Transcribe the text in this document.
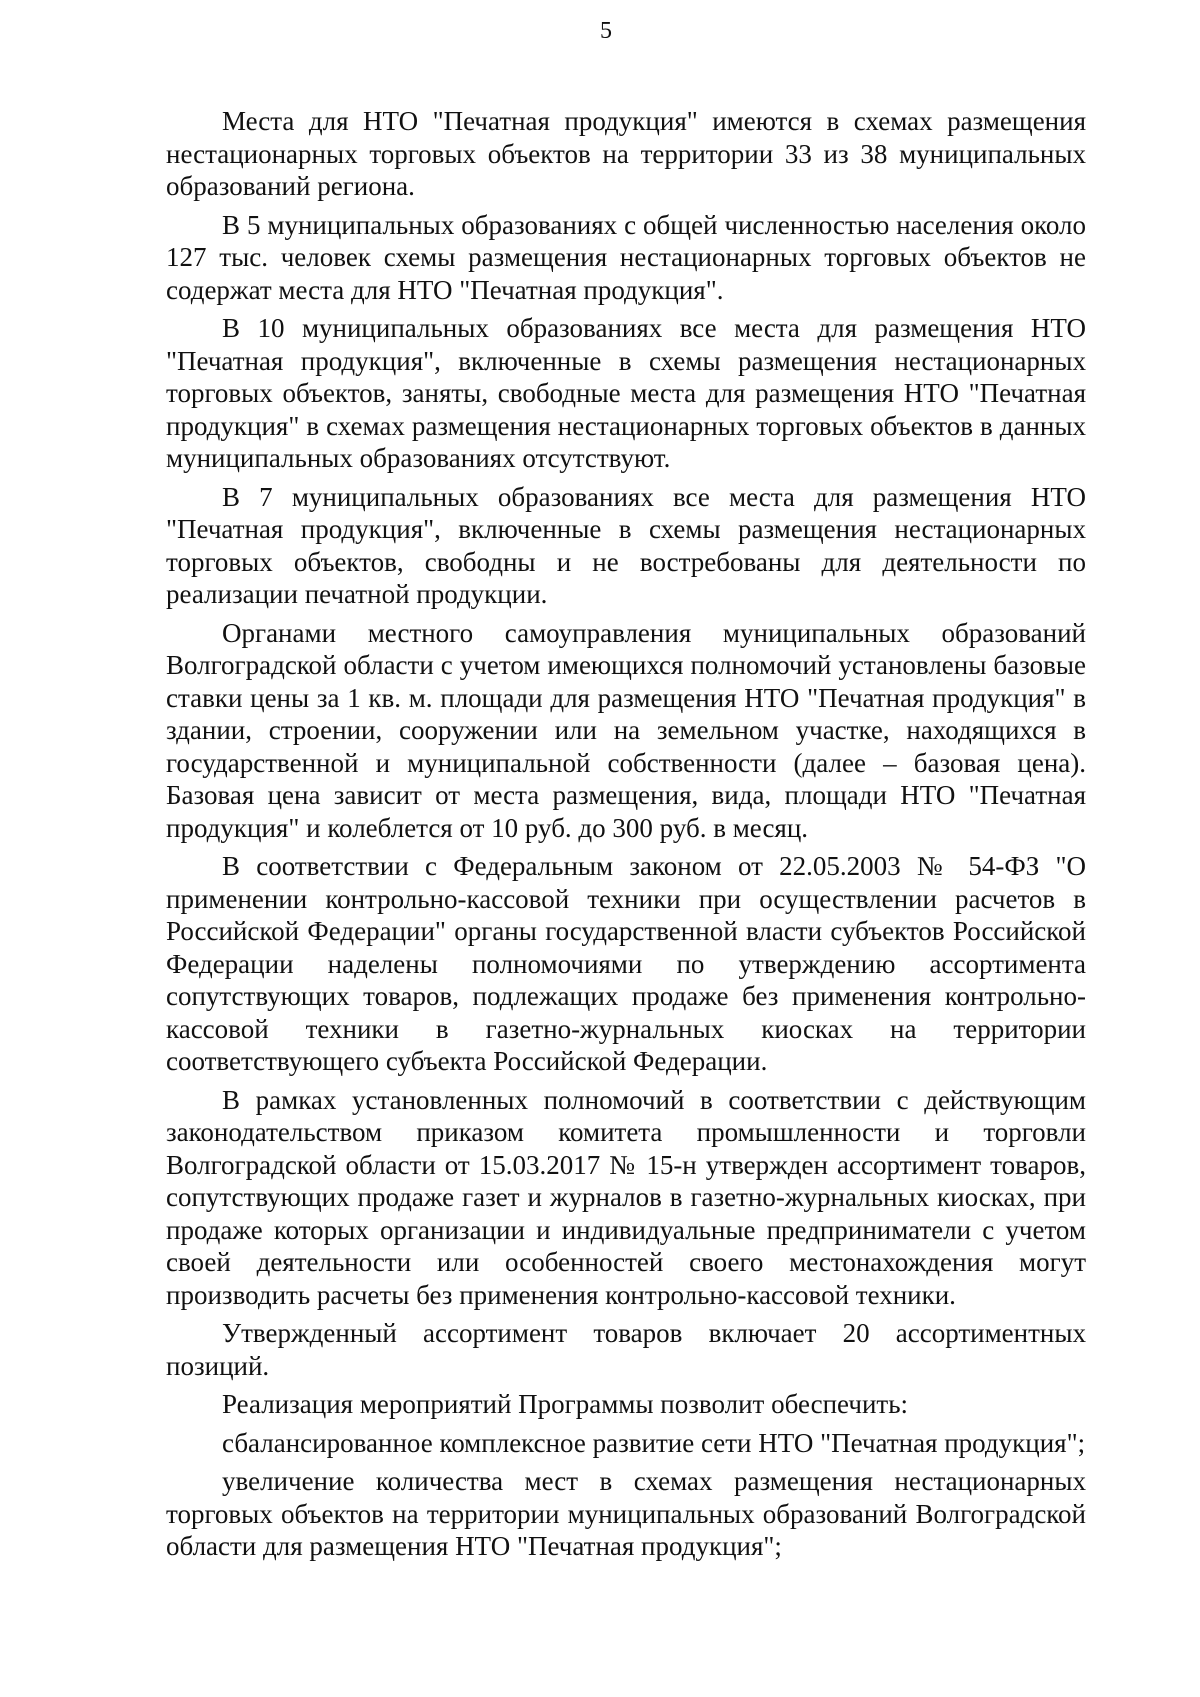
5

Места для НТО "Печатная продукция" имеются в схемах размещения нестационарных торговых объектов на территории 33 из 38 муниципальных образований региона.

В 5 муниципальных образованиях с общей численностью населения около 127 тыс. человек схемы размещения нестационарных торговых объектов не содержат места для НТО "Печатная продукция".

В 10 муниципальных образованиях все места для размещения НТО "Печатная продукция", включенные в схемы размещения нестационарных торговых объектов, заняты, свободные места для размещения НТО "Печатная продукция" в схемах размещения нестационарных торговых объектов в данных муниципальных образованиях отсутствуют.

В 7 муниципальных образованиях все места для размещения НТО "Печатная продукция", включенные в схемы размещения нестационарных торговых объектов, свободны и не востребованы для деятельности по реализации печатной продукции.

Органами местного самоуправления муниципальных образований Волгоградской области с учетом имеющихся полномочий установлены базовые ставки цены за 1 кв. м. площади для размещения НТО "Печатная продукция" в здании, строении, сооружении или на земельном участке, находящихся в государственной и муниципальной собственности (далее – базовая цена). Базовая цена зависит от места размещения, вида, площади НТО "Печатная продукция" и колеблется от 10 руб. до 300 руб. в месяц.

В соответствии с Федеральным законом от 22.05.2003 № 54-ФЗ "О применении контрольно-кассовой техники при осуществлении расчетов в Российской Федерации" органы государственной власти субъектов Российской Федерации наделены полномочиями по утверждению ассортимента сопутствующих товаров, подлежащих продаже без применения контрольно-кассовой техники в газетно-журнальных киосках на территории соответствующего субъекта Российской Федерации.

В рамках установленных полномочий в соответствии с действующим законодательством приказом комитета промышленности и торговли Волгоградской области от 15.03.2017 № 15-н утвержден ассортимент товаров, сопутствующих продаже газет и журналов в газетно-журнальных киосках, при продаже которых организации и индивидуальные предприниматели с учетом своей деятельности или особенностей своего местонахождения могут производить расчеты без применения контрольно-кассовой техники.

Утвержденный ассортимент товаров включает 20 ассортиментных позиций.

Реализация мероприятий Программы позволит обеспечить:

сбалансированное комплексное развитие сети НТО "Печатная продукция";

увеличение количества мест в схемах размещения нестационарных торговых объектов на территории муниципальных образований Волгоградской области для размещения НТО "Печатная продукция";
